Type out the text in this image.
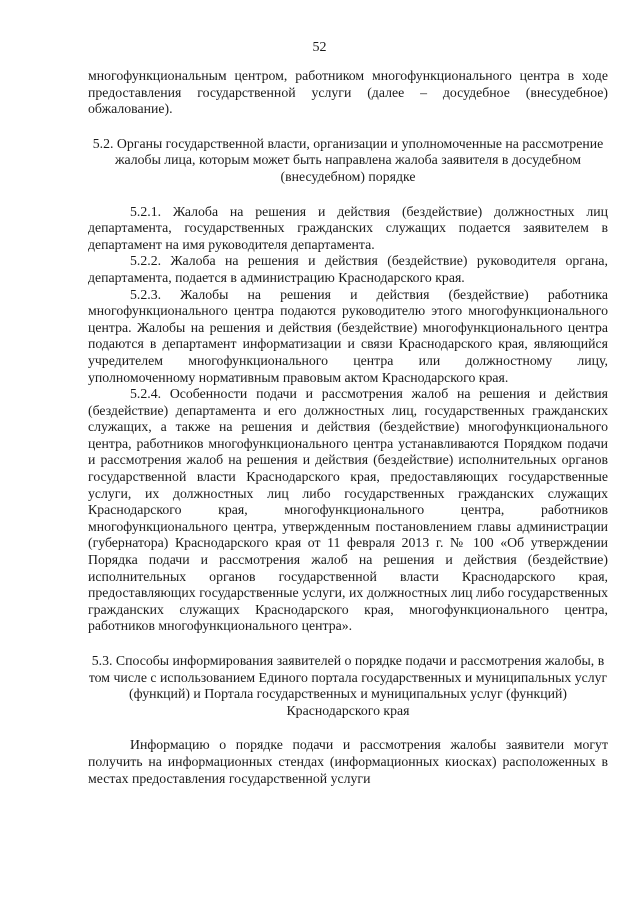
52

многофункциональным центром, работником многофункционального центра в ходе предоставления государственной услуги (далее – досудебное (внесудебное) обжалование).

5.2. Органы государственной власти, организации и уполномоченные на рассмотрение жалобы лица, которым может быть направлена жалоба заявителя в досудебном (внесудебном) порядке

5.2.1. Жалоба на решения и действия (бездействие) должностных лиц департамента, государственных гражданских служащих подается заявителем в департамент на имя руководителя департамента.

5.2.2. Жалоба на решения и действия (бездействие) руководителя органа, департамента, подается в администрацию Краснодарского края.

5.2.3. Жалобы на решения и действия (бездействие) работника многофункционального центра подаются руководителю этого многофункционального центра. Жалобы на решения и действия (бездействие) многофункционального центра подаются в департамент информатизации и связи Краснодарского края, являющийся учредителем многофункционального центра или должностному лицу, уполномоченному нормативным правовым актом Краснодарского края.

5.2.4. Особенности подачи и рассмотрения жалоб на решения и действия (бездействие) департамента и его должностных лиц, государственных гражданских служащих, а также на решения и действия (бездействие) многофункционального центра, работников многофункционального центра устанавливаются Порядком подачи и рассмотрения жалоб на решения и действия (бездействие) исполнительных органов государственной власти Краснодарского края, предоставляющих государственные услуги, их должностных лиц либо государственных гражданских служащих Краснодарского края, многофункционального центра, работников многофункционального центра, утвержденным постановлением главы администрации (губернатора) Краснодарского края от 11 февраля 2013 г. № 100 «Об утверждении Порядка подачи и рассмотрения жалоб на решения и действия (бездействие) исполнительных органов государственной власти Краснодарского края, предоставляющих государственные услуги, их должностных лиц либо государственных гражданских служащих Краснодарского края, многофункционального центра, работников многофункционального центра».

5.3. Способы информирования заявителей о порядке подачи и рассмотрения жалобы, в том числе с использованием Единого портала государственных и муниципальных услуг (функций) и Портала государственных и муниципальных услуг (функций) Краснодарского края

Информацию о порядке подачи и рассмотрения жалобы заявители могут получить на информационных стендах (информационных киосках) расположенных в местах предоставления государственной услуги
